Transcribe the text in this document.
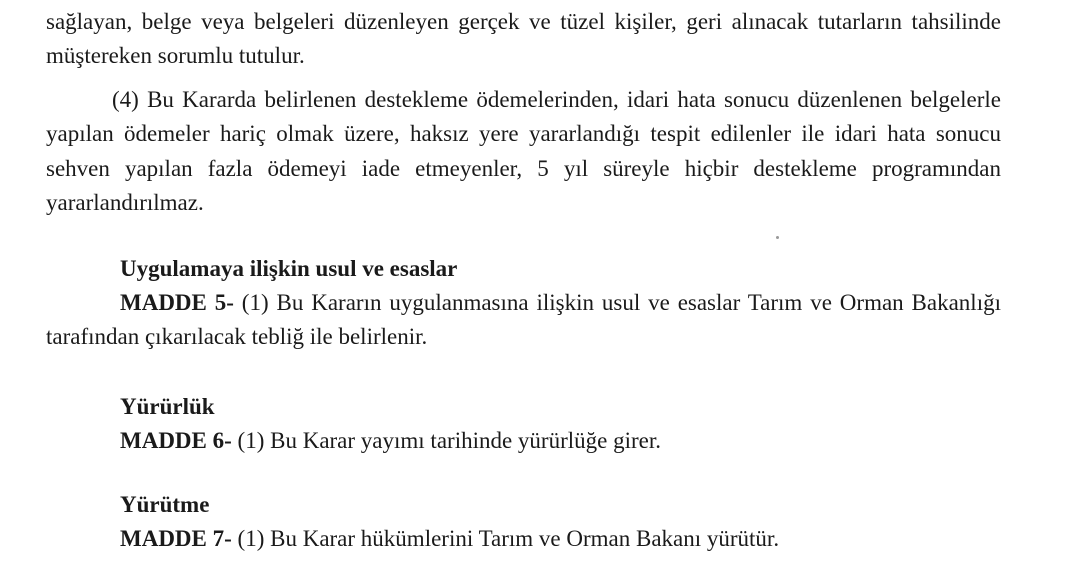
sağlayan, belge veya belgeleri düzenleyen gerçek ve tüzel kişiler, geri alınacak tutarların tahsilinde müştereken sorumlu tutulur.

(4) Bu Kararda belirlenen destekleme ödemelerinden, idari hata sonucu düzenlenen belgelerle yapılan ödemeler hariç olmak üzere, haksız yere yararlandığı tespit edilenler ile idari hata sonucu sehven yapılan fazla ödemeyi iade etmeyenler, 5 yıl süreyle hiçbir destekleme programından yararlandırılmaz.

Uygulamaya ilişkin usul ve esaslar

MADDE 5- (1) Bu Kararın uygulanmasına ilişkin usul ve esaslar Tarım ve Orman Bakanlığı tarafından çıkarılacak tebliğ ile belirlenir.

Yürürlük

MADDE 6- (1) Bu Karar yayımı tarihinde yürürlüğe girer.

Yürütme

MADDE 7- (1) Bu Karar hükümlerini Tarım ve Orman Bakanı yürütür.
